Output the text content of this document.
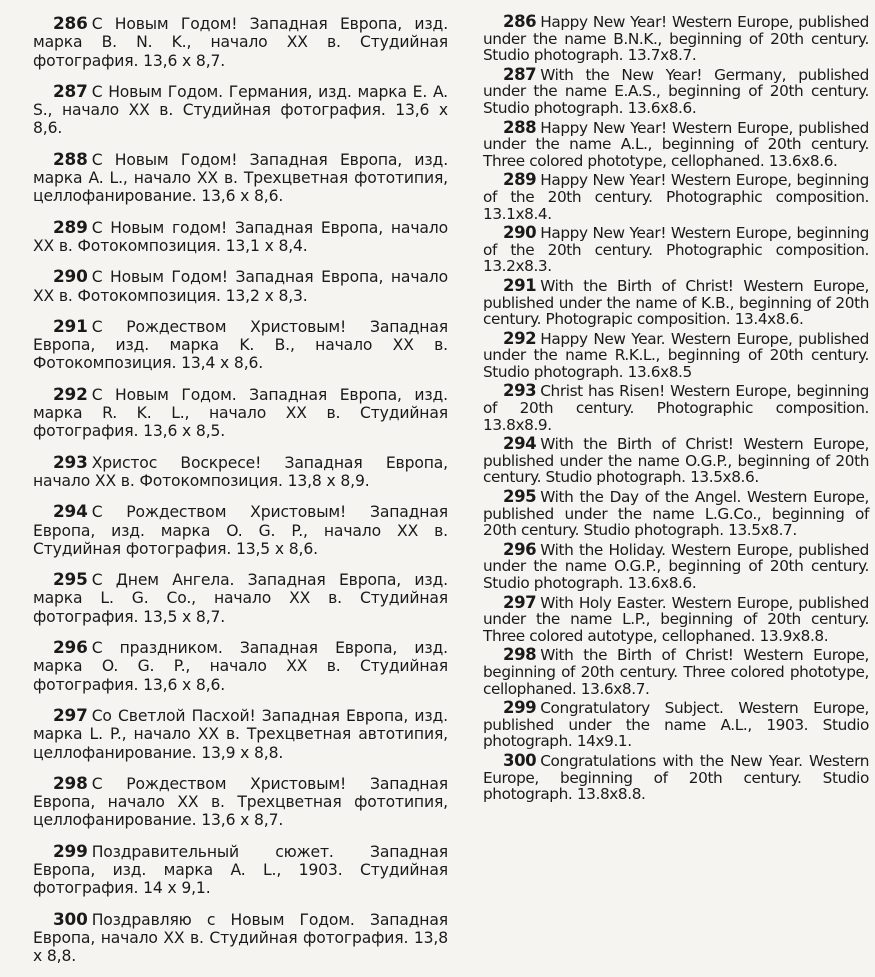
286 С Новым Годом! Западная Европа, изд. марка B. N. K., начало XX в. Студийная фотография. 13,6 x 8,7.

287 С Новым Годом. Германия, изд. марка E. A. S., начало XX в. Студийная фотография. 13,6 x 8,6.

288 С Новым Годом! Западная Европа, изд. марка A. L., начало XX в. Трехцветная фототипия, целлофанирование. 13,6 x 8,6.

289 С Новым годом! Западная Европа, начало XX в. Фотокомпозиция. 13,1 x 8,4.

290 С Новым Годом! Западная Европа, начало XX в. Фотокомпозиция. 13,2 x 8,3.

291 С Рождеством Христовым! Западная Европа, изд. марка K. B., начало XX в. Фотокомпозиция. 13,4 x 8,6.

292 С Новым Годом. Западная Европа, изд. марка R. K. L., начало XX в. Студийная фотография. 13,6 x 8,5.

293 Христос Воскресе! Западная Европа, начало XX в. Фотокомпозиция. 13,8 x 8,9.

294 С Рождеством Христовым! Западная Европа, изд. марка O. G. P., начало XX в. Студийная фотография. 13,5 x 8,6.

295 С Днем Ангела. Западная Европа, изд. марка L. G. Co., начало XX в. Студийная фотография. 13,5 x 8,7.

296 С праздником. Западная Европа, изд. марка O. G. P., начало XX в. Студийная фотография. 13,6 x 8,6.

297 Со Светлой Пасхой! Западная Европа, изд. марка L. P., начало XX в. Трехцветная автотипия, целлофанирование. 13,9 x 8,8.

298 С Рождеством Христовым! Западная Европа, начало XX в. Трехцветная фототипия, целлофанирование. 13,6 x 8,7.

299 Поздравительный сюжет. Западная Европа, изд. марка A. L., 1903. Студийная фотография. 14 x 9,1.

300 Поздравляю с Новым Годом. Западная Европа, начало XX в. Студийная фотография. 13,8 x 8,8.

286 Happy New Year! Western Europe, published under the name B.N.K., beginning of 20th century. Studio photograph. 13.7x8.7.

287 With the New Year! Germany, published under the name E.A.S., beginning of 20th century. Studio photograph. 13.6x8.6.

288 Happy New Year! Western Europe, published under the name A.L., beginning of 20th century. Three colored phototype, cellophaned. 13.6x8.6.

289 Happy New Year! Western Europe, beginning of the 20th century. Photographic composition. 13.1x8.4.

290 Happy New Year! Western Europe, beginning of the 20th century. Photographic composition. 13.2x8.3.

291 With the Birth of Christ! Western Europe, published under the name of K.B., beginning of 20th century. Photograpic composition. 13.4x8.6.

292 Happy New Year. Western Europe, published under the name R.K.L., beginning of 20th century. Studio photograph. 13.6x8.5

293 Christ has Risen! Western Europe, beginning of 20th century. Photographic composition. 13.8x8.9.

294 With the Birth of Christ! Western Europe, published under the name O.G.P., beginning of 20th century. Studio photograph. 13.5x8.6.

295 With the Day of the Angel. Western Europe, published under the name L.G.Co., beginning of 20th century. Studio photograph. 13.5x8.7.

296 With the Holiday. Western Europe, published under the name O.G.P., beginning of 20th century. Studio photograph. 13.6x8.6.

297 With Holy Easter. Western Europe, published under the name L.P., beginning of 20th century. Three colored autotype, cellophaned. 13.9x8.8.

298 With the Birth of Christ! Western Europe, beginning of 20th century. Three colored phototype, cellophaned. 13.6x8.7.

299 Congratulatory Subject. Western Europe, published under the name A.L., 1903. Studio photograph. 14x9.1.

300 Congratulations with the New Year. Western Europe, beginning of 20th century. Studio photograph. 13.8x8.8.
